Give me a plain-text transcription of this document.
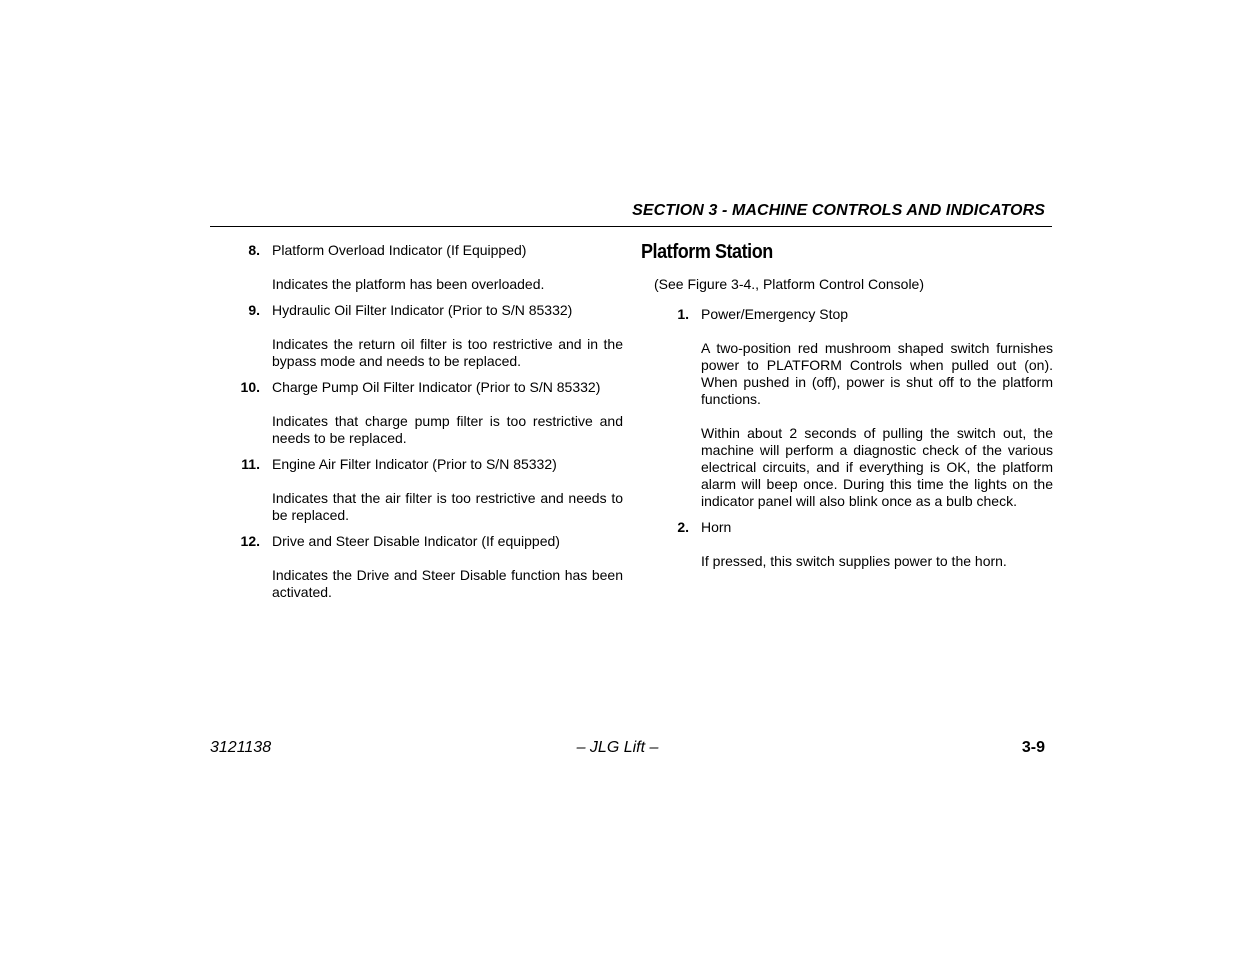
SECTION 3 - MACHINE CONTROLS AND INDICATORS
8. Platform Overload Indicator (If Equipped)
Indicates the platform has been overloaded.
9. Hydraulic Oil Filter Indicator (Prior to S/N 85332)
Indicates the return oil filter is too restrictive and in the bypass mode and needs to be replaced.
10. Charge Pump Oil Filter Indicator (Prior to S/N 85332)
Indicates that charge pump filter is too restrictive and needs to be replaced.
11. Engine Air Filter Indicator (Prior to S/N 85332)
Indicates that the air filter is too restrictive and needs to be replaced.
12. Drive and Steer Disable Indicator (If equipped)
Indicates the Drive and Steer Disable function has been activated.
Platform Station
(See Figure 3-4., Platform Control Console)
1. Power/Emergency Stop
A two-position red mushroom shaped switch furnishes power to PLATFORM Controls when pulled out (on). When pushed in (off), power is shut off to the platform functions.
Within about 2 seconds of pulling the switch out, the machine will perform a diagnostic check of the various electrical circuits, and if everything is OK, the platform alarm will beep once. During this time the lights on the indicator panel will also blink once as a bulb check.
2. Horn
If pressed, this switch supplies power to the horn.
3121138	– JLG Lift –	3-9
